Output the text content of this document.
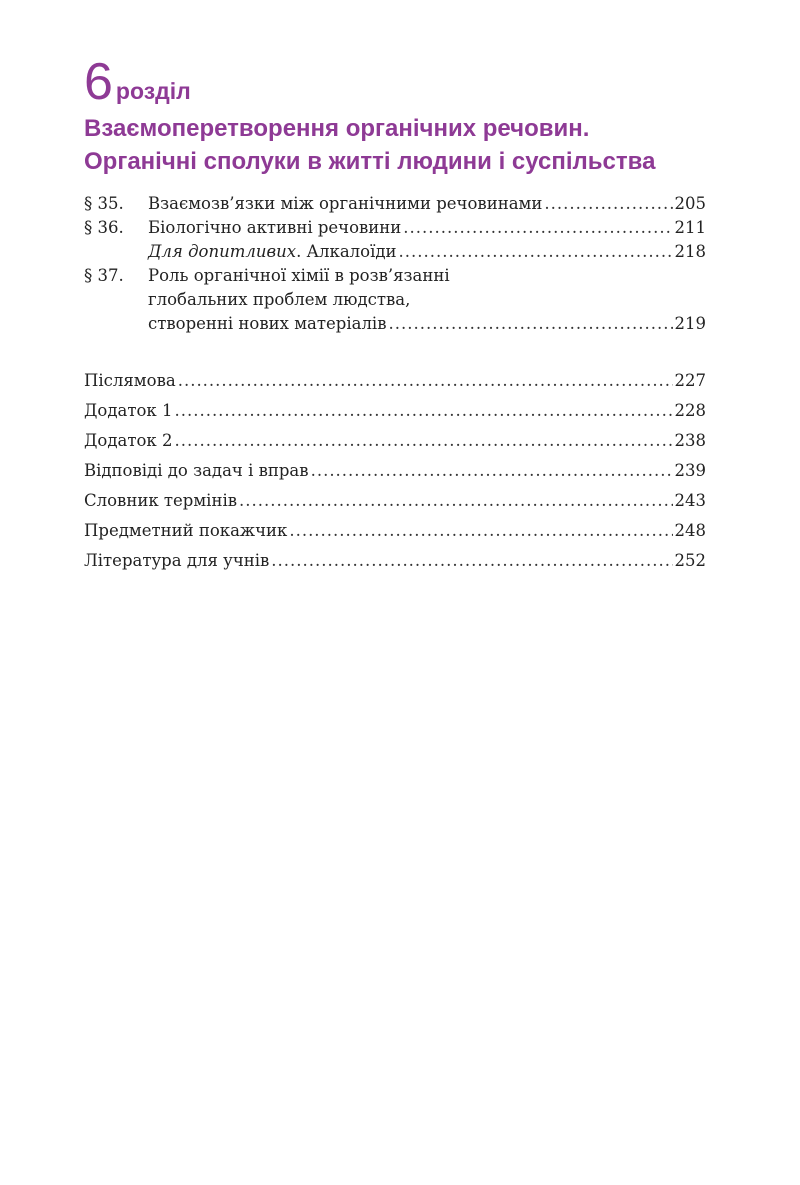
6 розділ
Взаємоперетворення органічних речовин.
Органічні сполуки в житті людини і суспільства
§ 35.	Взаємозв’язки між органічними речовинами .....	205
§ 36.	Біологічно активні речовини .....	211
Для допитливих. Алкалоїди .....	218
§ 37.	Роль органічної хімії в розв’язанні
глобальних проблем людства,
створенні нових матеріалів .....	219
Післямова .....	227
Додаток 1 .....	228
Додаток 2 .....	238
Відповіді до задач і вправ .....	239
Словник термінів .....	243
Предметний покажчик .....	248
Література для учнів .....	252
